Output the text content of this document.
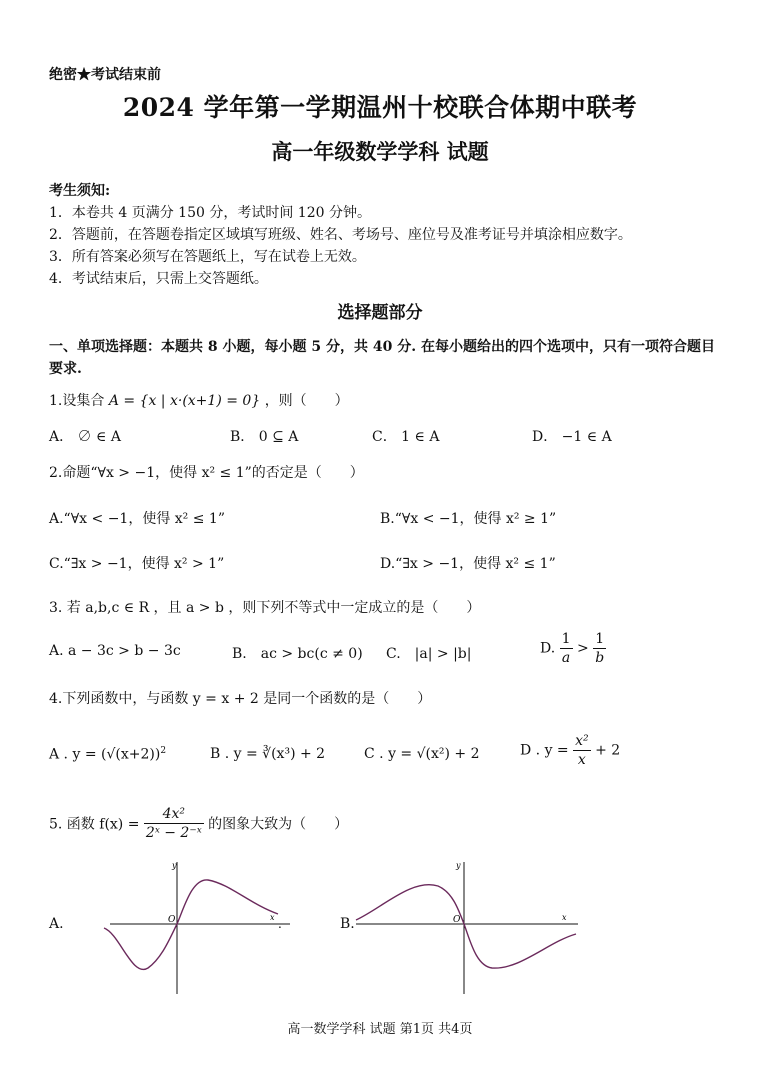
绝密★考试结束前
2024 学年第一学期温州十校联合体期中联考
高一年级数学学科 试题
考生须知:
1．本卷共 4 页满分 150 分，考试时间 120 分钟。
2．答题前，在答题卷指定区域填写班级、姓名、考场号、座位号及准考证号并填涂相应数字。
3．所有答案必须写在答题纸上，写在试卷上无效。
4．考试结束后，只需上交答题纸。
选择题部分
一、单项选择题：本题共 8 小题，每小题 5 分，共 40 分. 在每小题给出的四个选项中，只有一项符合题目要求.
1.设集合 A = {x | x·(x+1) = 0} ，则（　　）
A． ∅ ∈ A	B． 0 ⊆ A	C． 1 ∈ A	D． −1 ∈ A
2.命题“∀x > −1，使得 x² ≤ 1”的否定是（　　）
A.“∀x < −1，使得 x² ≤ 1”	B.“∀x < −1，使得 x² ≥ 1”
C.“∃x > −1，使得 x² > 1”	D.“∃x > −1，使得 x² ≤ 1”
3. 若 a,b,c ∈ R ，且 a > b ，则下列不等式中一定成立的是（　　）
A. a − 3c > b − 3c	B.　ac > bc(c ≠ 0) C.　|a| > |b|	D. $\frac{1}{a} > \frac{1}{b}$
4.下列函数中，与函数 y = x + 2 是同一个函数的是（　　）
A . $y = (√(x+2))^2$	B . y = ∛(x³) + 2	C . y = √(x²) + 2	D . $y = \frac{\text{x²}}{x} + 2$
5. 函数 $f(x) = \frac{\text{4x²}}{\text{2ˣ − 2⁻ˣ}}$ 的图象大致为（　　）
A.
y
x
O	.	B.
y
x
O
高一数学学科 试题 第1页 共4页
